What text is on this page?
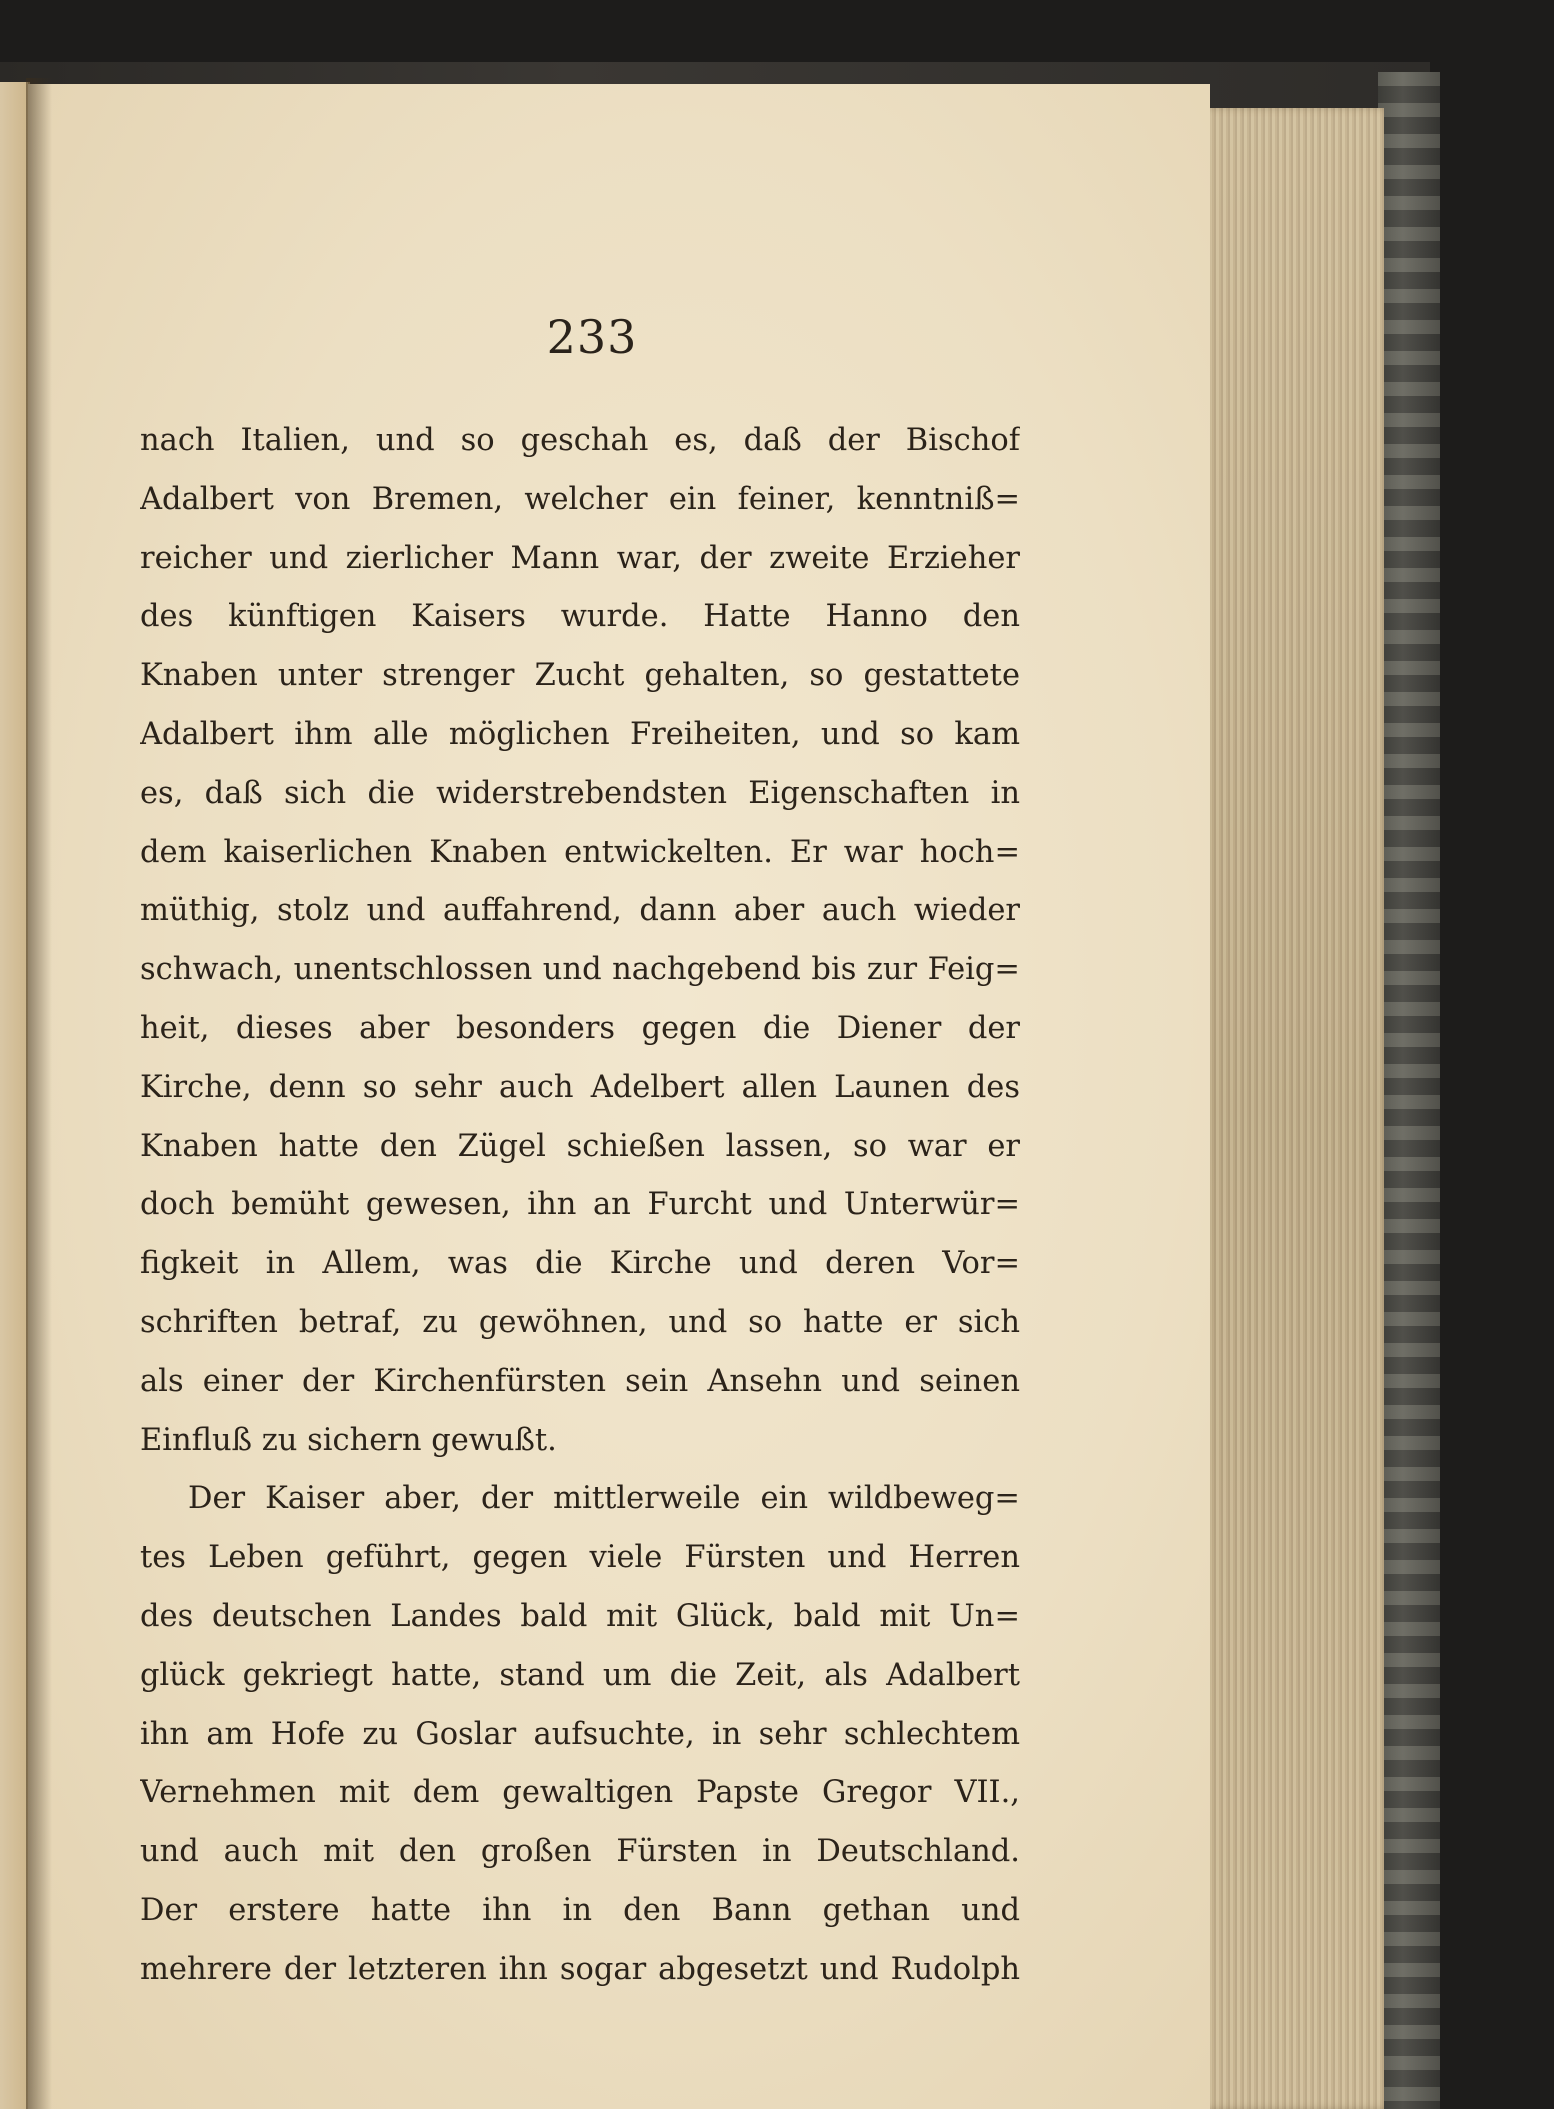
233
nach Italien, und so geschah es, daß der Bischof
Adalbert von Bremen, welcher ein feiner, kenntniß=
reicher und zierlicher Mann war, der zweite Erzieher
des künftigen Kaisers wurde. Hatte Hanno den
Knaben unter strenger Zucht gehalten, so gestattete
Adalbert ihm alle möglichen Freiheiten, und so kam
es, daß sich die widerstrebendsten Eigenschaften in
dem kaiserlichen Knaben entwickelten. Er war hoch=
müthig, stolz und auffahrend, dann aber auch wieder
schwach, unentschlossen und nachgebend bis zur Feig=
heit, dieses aber besonders gegen die Diener der
Kirche, denn so sehr auch Adelbert allen Launen des
Knaben hatte den Zügel schießen lassen, so war er
doch bemüht gewesen, ihn an Furcht und Unterwür=
figkeit in Allem, was die Kirche und deren Vor=
schriften betraf, zu gewöhnen, und so hatte er sich
als einer der Kirchenfürsten sein Ansehn und seinen
Einfluß zu sichern gewußt.
Der Kaiser aber, der mittlerweile ein wildbeweg=
tes Leben geführt, gegen viele Fürsten und Herren
des deutschen Landes bald mit Glück, bald mit Un=
glück gekriegt hatte, stand um die Zeit, als Adalbert
ihn am Hofe zu Goslar aufsuchte, in sehr schlechtem
Vernehmen mit dem gewaltigen Papste Gregor VII.,
und auch mit den großen Fürsten in Deutschland.
Der erstere hatte ihn in den Bann gethan und
mehrere der letzteren ihn sogar abgesetzt und Rudolph
